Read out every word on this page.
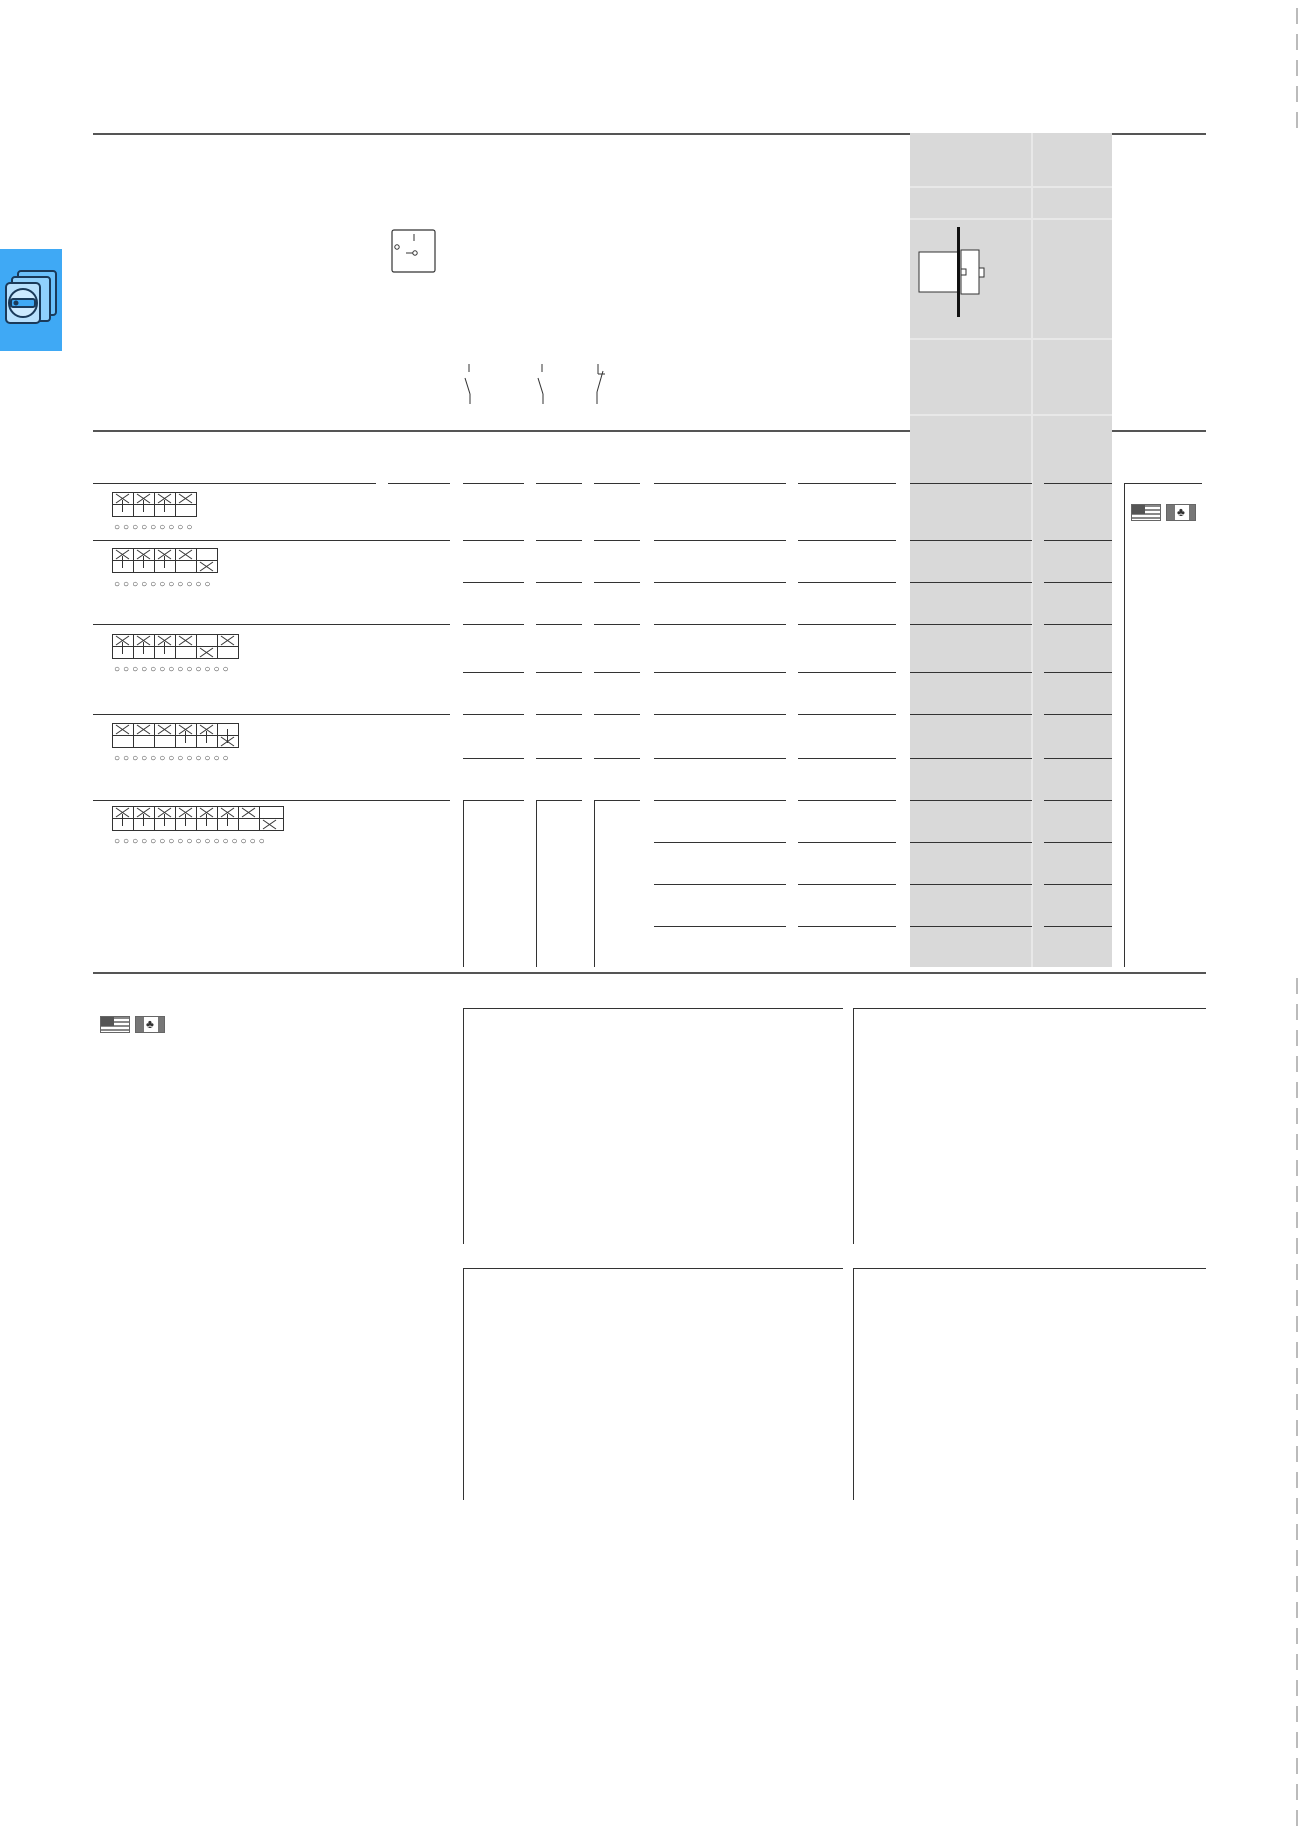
♣
○○○○○○○○○
○○○○○○○○○○○
○○○○○○○○○○○○○
○○○○○○○○○○○○○
○○○○○○○○○○○○○○○○○
♣
